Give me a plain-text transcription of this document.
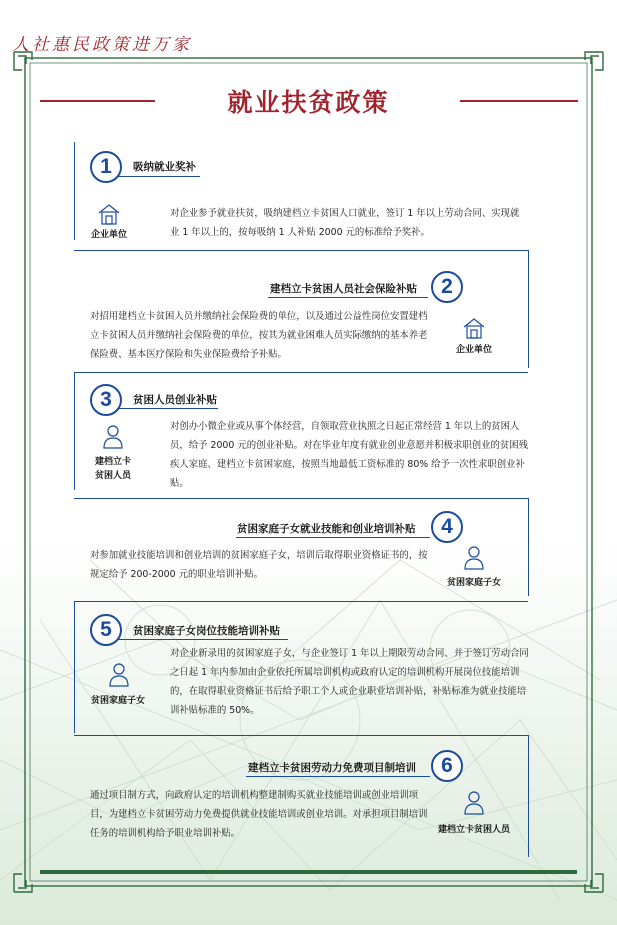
人社惠民政策进万家
就业扶贫政策
1	吸纳就业奖补
企业单位
对企业参予就业扶贫，吸纳建档立卡贫困人口就业，签订 1 年以上劳动合同、实现就业 1 年以上的，按每吸纳 1 人补贴 2000 元的标准给予奖补。
建档立卡贫困人员社会保险补贴	2
对招用建档立卡贫困人员并缴纳社会保险费的单位，以及通过公益性岗位安置建档立卡贫困人员并缴纳社会保险费的单位，按其为就业困难人员实际缴纳的基本养老保险费、基本医疗保险和失业保险费给予补贴。	企业单位
3	贫困人员创业补贴
建档立卡
贫困人员
对创办小微企业或从事个体经营，自领取营业执照之日起正常经营 1 年以上的贫困人员，给予 2000 元的创业补贴。对在毕业年度有就业创业意愿并积极求职创业的贫困残疾人家庭、建档立卡贫困家庭，按照当地最低工资标准的 80% 给予一次性求职创业补贴。
贫困家庭子女就业技能和创业培训补贴	4
对参加就业技能培训和创业培训的贫困家庭子女，培训后取得职业资格证书的，按规定给予 200-2000 元的职业培训补贴。
贫困家庭子女
5	贫困家庭子女岗位技能培训补贴
贫困家庭子女
对企业新录用的贫困家庭子女，与企业签订 1 年以上期限劳动合同、并于签订劳动合同之日起 1 年内参加由企业依托所属培训机构或政府认定的培训机构开展岗位技能培训的，在取得职业资格证书后给予职工个人或企业职业培训补贴，补贴标准为就业技能培训补贴标准的 50%。
建档立卡贫困劳动力免费项目制培训	6
通过项目制方式，向政府认定的培训机构整建制购买就业技能培训或创业培训项目，为建档立卡贫困劳动力免费提供就业技能培训或创业培训。对承担项目制培训任务的培训机构给予职业培训补贴。	建档立卡贫困人员
